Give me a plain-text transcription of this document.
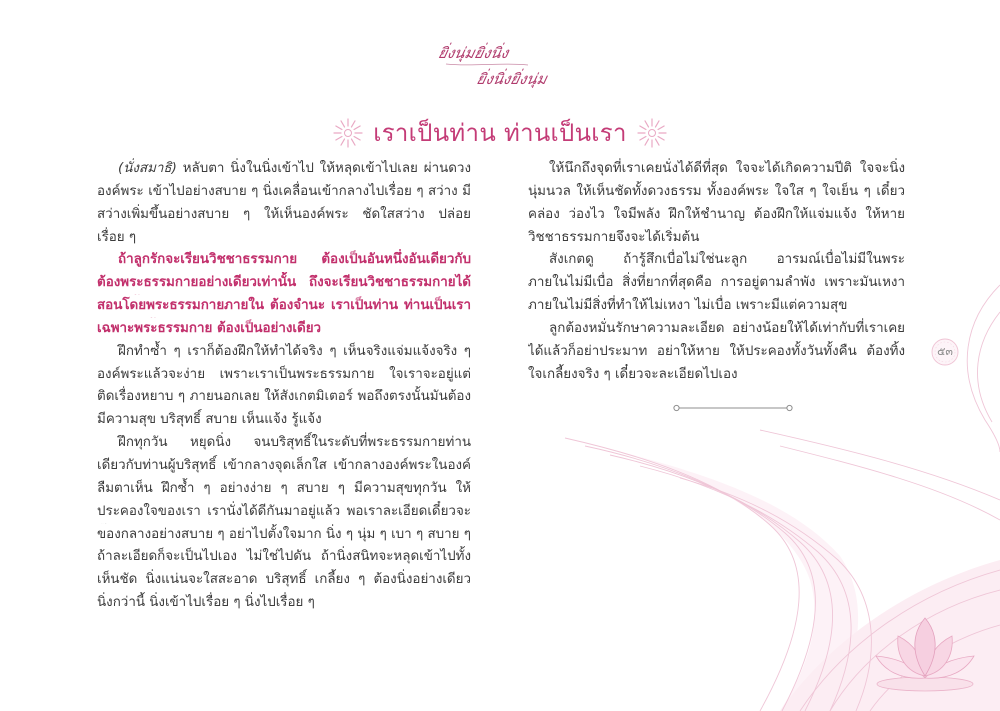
ยิ่งนุ่มยิ่งนิ่ง
ยิ่งนิ่งยิ่งนุ่ม
เราเป็นท่าน ท่านเป็นเรา
(นั่งสมาธิ) หลับตา นิ่งในนิ่งเข้าไป ให้หลุดเข้าไปเลย ผ่านดวง
องค์พระ เข้าไปอย่างสบาย ๆ นิ่งเคลื่อนเข้ากลางไปเรื่อย ๆ สว่าง มี
สว่างเพิ่มขึ้นอย่างสบาย ๆ ให้เห็นองค์พระ ชัดใสสว่าง ปล่อย
เรื่อย ๆ
ถ้าลูกรักจะเรียนวิชชาธรรมกาย ต้องเป็นอันหนึ่งอันเดียวกับ
ต้องพระธรรมกายอย่างเดียวเท่านั้น ถึงจะเรียนวิชชาธรรมกายได้
สอนโดยพระธรรมกายภายใน ต้องจำนะ เราเป็นท่าน ท่านเป็นเรา
เฉพาะพระธรรมกาย ต้องเป็นอย่างเดียว
ฝึกทำซ้ำ ๆ เราก็ต้องฝึกให้ทำได้จริง ๆ เห็นจริงแจ่มแจ้งจริง ๆ
องค์พระแล้วจะง่าย เพราะเราเป็นพระธรรมกาย ใจเราจะอยู่แต่
ติดเรื่องหยาบ ๆ ภายนอกเลย ให้สังเกตมิเตอร์ พอถึงตรงนั้นมันต้อง
มีความสุข บริสุทธิ์ สบาย เห็นแจ้ง รู้แจ้ง
ฝึกทุกวัน หยุดนิ่ง จนบริสุทธิ์ในระดับที่พระธรรมกายท่าน
เดียวกับท่านผู้บริสุทธิ์ เข้ากลางจุดเล็กใส เข้ากลางองค์พระในองค์
ลืมตาเห็น ฝึกซ้ำ ๆ อย่างง่าย ๆ สบาย ๆ มีความสุขทุกวัน ให้
ประคองใจของเรา เรานั่งได้ดีกันมาอยู่แล้ว พอเราละเอียดเดี๋ยวจะ
ของกลางอย่างสบาย ๆ อย่าไปตั้งใจมาก นิ่ง ๆ นุ่ม ๆ เบา ๆ สบาย ๆ
ถ้าละเอียดก็จะเป็นไปเอง ไม่ใช่ไปดัน ถ้านิ่งสนิทจะหลุดเข้าไปทั้ง
เห็นชัด นิ่งแน่นจะใสสะอาด บริสุทธิ์ เกลี้ยง ๆ ต้องนิ่งอย่างเดียว
นิ่งกว่านี้ นิ่งเข้าไปเรื่อย ๆ นิ่งไปเรื่อย ๆ
ให้นึกถึงจุดที่เราเคยนั่งได้ดีที่สุด ใจจะได้เกิดความปีติ ใจจะนิ่ง
นุ่มนวล ให้เห็นชัดทั้งดวงธรรม ทั้งองค์พระ ใจใส ๆ ใจเย็น ๆ เดี๋ยว
คล่อง ว่องไว ใจมีพลัง ฝึกให้ชำนาญ ต้องฝึกให้แจ่มแจ้ง ให้หาย
วิชชาธรรมกายจึงจะได้เริ่มต้น
สังเกตดู ถ้ารู้สึกเบื่อไม่ใช่นะลูก อารมณ์เบื่อไม่มีในพระ
ภายในไม่มีเบื่อ สิ่งที่ยากที่สุดคือ การอยู่ตามลำพัง เพราะมันเหงา
ภายในไม่มีสิ่งที่ทำให้ไม่เหงา ไม่เบื่อ เพราะมีแต่ความสุข
ลูกต้องหมั่นรักษาความละเอียด อย่างน้อยให้ได้เท่ากับที่เราเคย
ได้แล้วก็อย่าประมาท อย่าให้หาย ให้ประคองทั้งวันทั้งคืน ต้องทิ้ง
ใจเกลี้ยงจริง ๆ เดี๋ยวจะละเอียดไปเอง
๕๓
